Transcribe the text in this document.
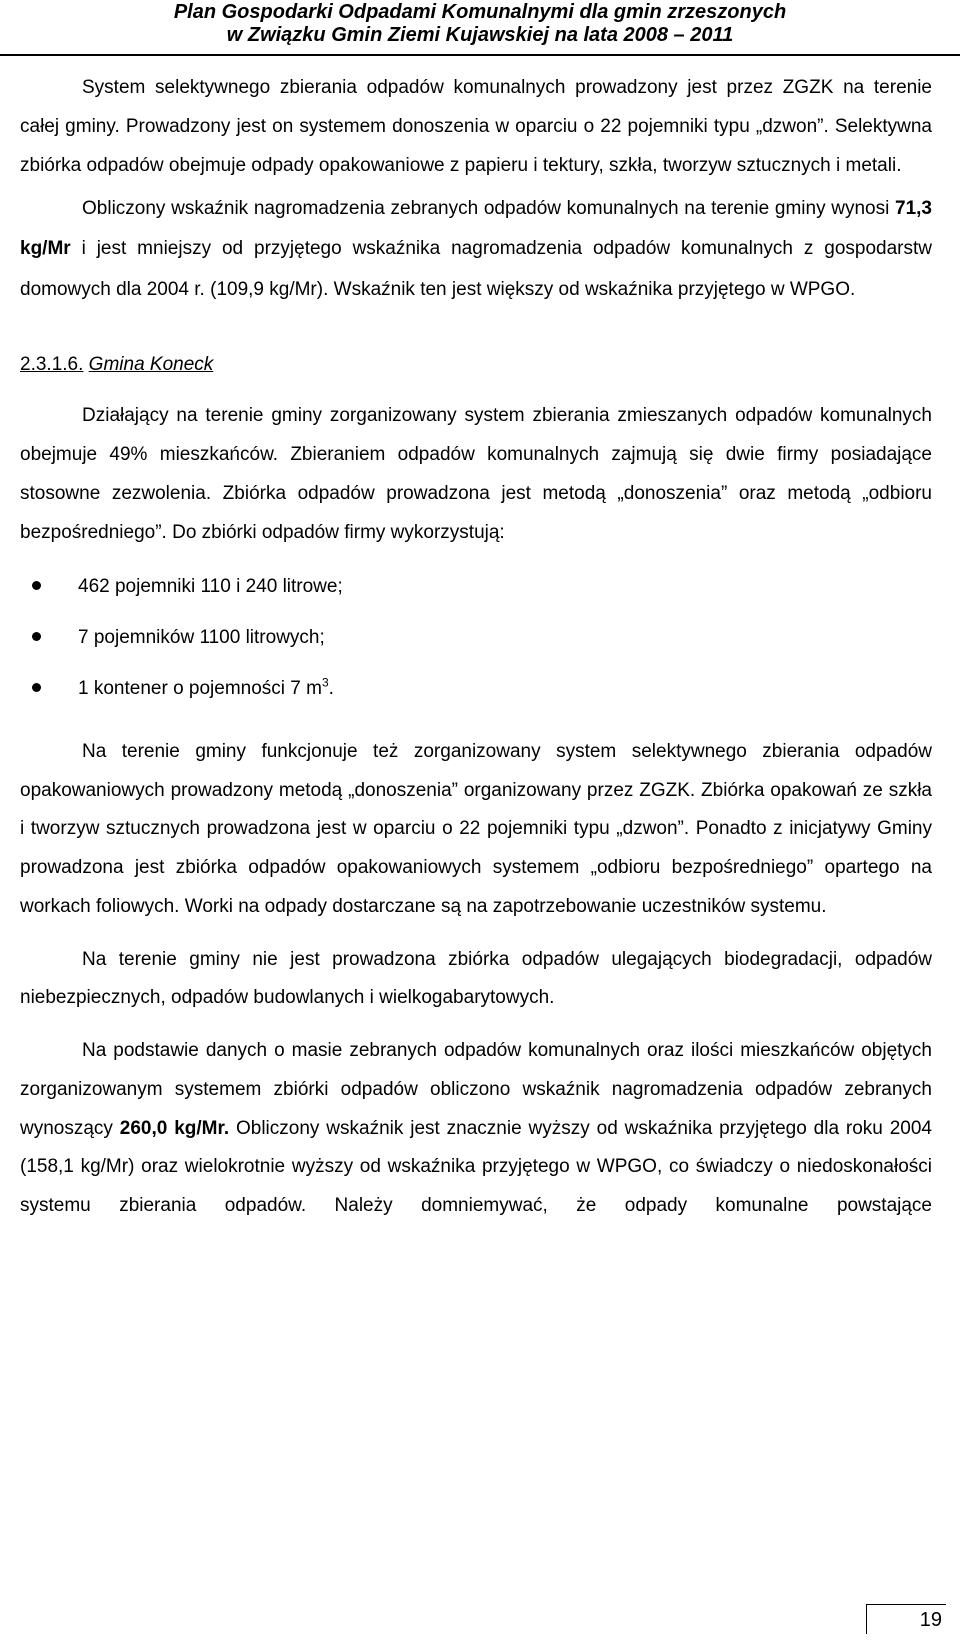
Plan Gospodarki Odpadami Komunalnymi dla gmin zrzeszonych
w Związku Gmin Ziemi Kujawskiej na lata 2008 – 2011

System selektywnego zbierania odpadów komunalnych prowadzony jest przez ZGZK na terenie całej gminy. Prowadzony jest on systemem donoszenia w oparciu o 22 pojemniki typu „dzwon”. Selektywna zbiórka odpadów obejmuje odpady opakowaniowe z papieru i tektury, szkła, tworzyw sztucznych i metali.

Obliczony wskaźnik nagromadzenia zebranych odpadów komunalnych na terenie gminy wynosi 71,3 kg/Mr i jest mniejszy od przyjętego wskaźnika nagromadzenia odpadów komunalnych z gospodarstw domowych dla 2004 r. (109,9 kg/Mr). Wskaźnik ten jest większy od wskaźnika przyjętego w WPGO.

2.3.1.6. Gmina Koneck

Działający na terenie gminy zorganizowany system zbierania zmieszanych odpadów komunalnych obejmuje 49% mieszkańców. Zbieraniem odpadów komunalnych zajmują się dwie firmy posiadające stosowne zezwolenia. Zbiórka odpadów prowadzona jest metodą „donoszenia” oraz metodą „odbioru bezpośredniego”. Do zbiórki odpadów firmy wykorzystują:

462 pojemniki 110 i 240 litrowe;
7 pojemników 1100 litrowych;
1 kontener o pojemności 7 $m^3$.

Na terenie gminy funkcjonuje też zorganizowany system selektywnego zbierania odpadów opakowaniowych prowadzony metodą „donoszenia” organizowany przez ZGZK. Zbiórka opakowań ze szkła i tworzyw sztucznych prowadzona jest w oparciu o 22 pojemniki typu „dzwon”. Ponadto z inicjatywy Gminy prowadzona jest zbiórka odpadów opakowaniowych systemem „odbioru bezpośredniego” opartego na workach foliowych. Worki na odpady dostarczane są na zapotrzebowanie uczestników systemu.

Na terenie gminy nie jest prowadzona zbiórka odpadów ulegających biodegradacji, odpadów niebezpiecznych, odpadów budowlanych i wielkogabarytowych.

Na podstawie danych o masie zebranych odpadów komunalnych oraz ilości mieszkańców objętych zorganizowanym systemem zbiórki odpadów obliczono wskaźnik nagromadzenia odpadów zebranych wynoszący 260,0 kg/Mr. Obliczony wskaźnik jest znacznie wyższy od wskaźnika przyjętego dla roku 2004 (158,1 kg/Mr) oraz wielokrotnie wyższy od wskaźnika przyjętego w WPGO, co świadczy o niedoskonałości systemu zbierania odpadów. Należy domniemywać, że odpady komunalne powstające

19
